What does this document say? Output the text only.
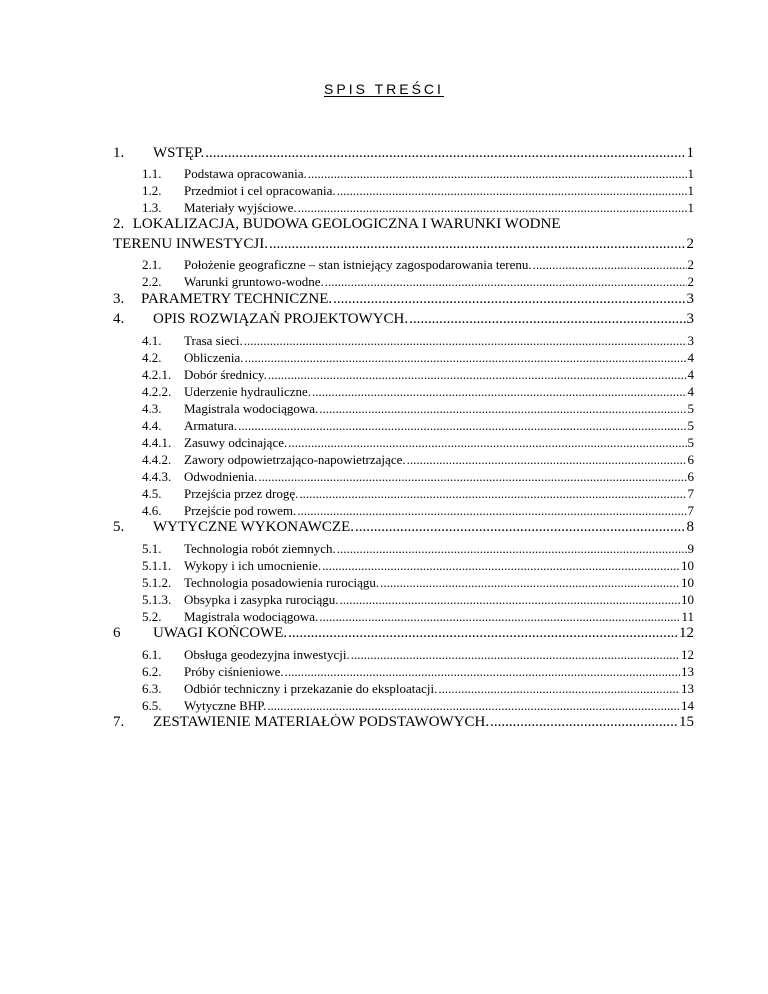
SPIS TREŚCI
1.	WSTĘP. .....	1
1.1.	Podstawa opracowania. .....	1
1.2.	Przedmiot i cel opracowania. .....	1
1.3.	Materiały wyjściowe. .....	1
2. LOKALIZACJA, BUDOWA GEOLOGICZNA I WARUNKI WODNE
TERENU INWESTYCJI. .....	2
2.1.	Położenie geograficzne – stan istniejący zagospodarowania terenu. .....	2
2.2.	Warunki gruntowo-wodne. .....	2
3.	PARAMETRY TECHNICZNE. .....	3
4.	OPIS ROZWIĄZAŃ PROJEKTOWYCH. .....	3
4.1.	Trasa sieci. .....	3
4.2.	Obliczenia. .....	4
4.2.1. Dobór średnicy. .....	4
4.2.2. Uderzenie hydrauliczne. .....	4
4.3.	Magistrala wodociągowa. .....	5
4.4.	Armatura. .....	5
4.4.1. Zasuwy odcinające. .....	5
4.4.2. Zawory odpowietrzająco-napowietrzające. .....	6
4.4.3. Odwodnienia. .....	6
4.5.	Przejścia przez drogę. .....	7
4.6.	Przejście pod rowem. .....	7
5.	WYTYCZNE WYKONAWCZE. .....	8
5.1.	Technologia robót ziemnych. .....	9
5.1.1. Wykopy i ich umocnienie. .....	10
5.1.2. Technologia posadowienia rurociągu. .....	10
5.1.3. Obsypka i zasypka rurociągu. .....	10
5.2.	Magistrala wodociągowa. .....	11
6	UWAGI KOŃCOWE. .....	12
6.1.	Obsługa geodezyjna inwestycji. .....	12
6.2.	Próby ciśnieniowe. .....	13
6.3.	Odbiór techniczny i przekazanie do eksploatacji. .....	13
6.5.	Wytyczne BHP. .....	14
7.	ZESTAWIENIE MATERIAŁÓW PODSTAWOWYCH. .....	15
